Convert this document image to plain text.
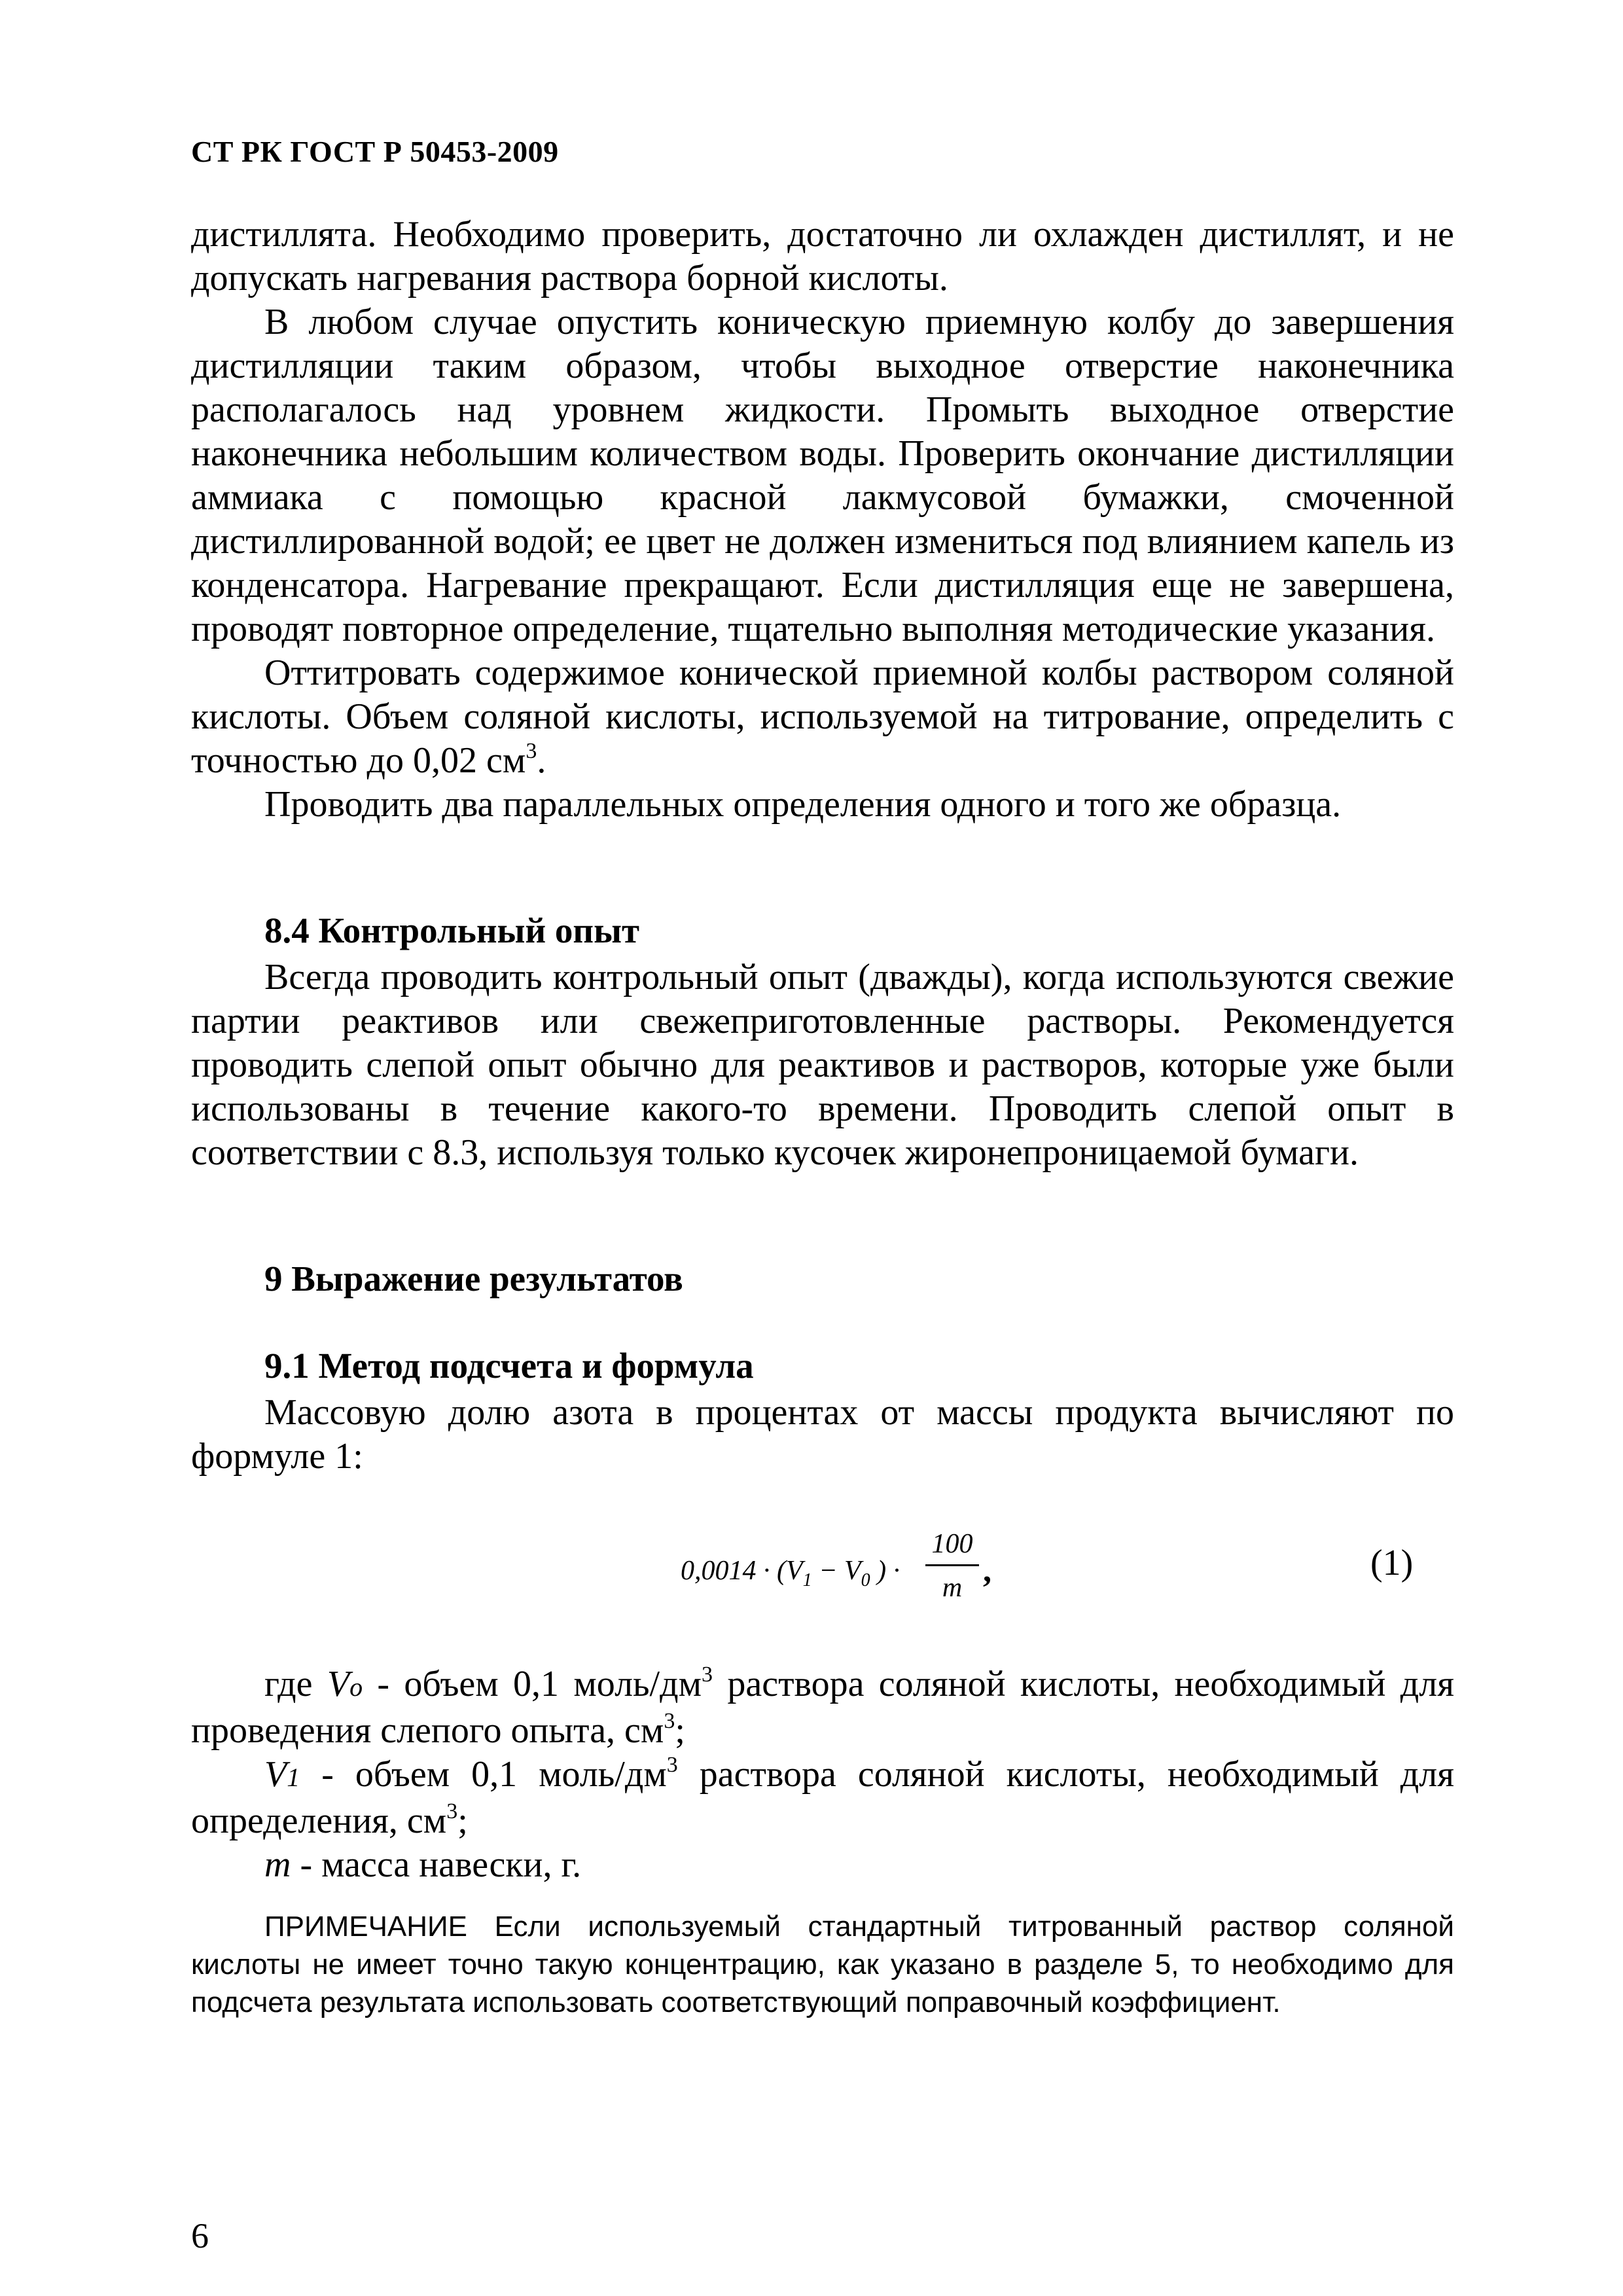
СТ РК ГОСТ Р 50453-2009

дистиллята. Необходимо проверить, достаточно ли охлажден дистиллят, и не допускать нагревания раствора борной кислоты.

В любом случае опустить коническую приемную колбу до завершения дистилляции таким образом, чтобы выходное отверстие наконечника располагалось над уровнем жидкости. Промыть выходное отверстие наконечника небольшим количеством воды. Проверить окончание дистилляции аммиака с помощью красной лакмусовой бумажки, смоченной дистиллированной водой; ее цвет не должен измениться под влиянием капель из конденсатора. Нагревание прекращают. Если дистилляция еще не завершена, проводят повторное определение, тщательно выполняя методические указания.

Оттитровать содержимое конической приемной колбы раствором соляной кислоты. Объем соляной кислоты, используемой на титрование, определить с точностью до 0,02 $см^3$.

Проводить два параллельных определения одного и того же образца.

8.4 Контрольный опыт

Всегда проводить контрольный опыт (дважды), когда используются свежие партии реактивов или свежеприготовленные растворы. Рекомендуется проводить слепой опыт обычно для реактивов и растворов, которые уже были использованы в течение какого-то времени. Проводить слепой опыт в соответствии с 8.3, используя только кусочек жиронепроницаемой бумаги.

9 Выражение результатов
9.1 Метод подсчета и формула

Массовую долю азота в процентах от массы продукта вычисляют по формуле 1:

$0,0014 \cdot (V_1 - V_0$ ) ·
100
m ,	(1)

где Vo - объем 0,1 моль/$дм^3$ раствора соляной кислоты, необходимый для проведения слепого опыта, $см^3$;

V1 - объем 0,1 моль/$дм^3$ раствора соляной кислоты, необходимый для определения, $см^3$;

m - масса навески, г.

ПРИМЕЧАНИЕ Если используемый стандартный титрованный раствор соляной кислоты не имеет точно такую концентрацию, как указано в разделе 5, то необходимо для подсчета результата использовать соответствующий поправочный коэффициент.
6
